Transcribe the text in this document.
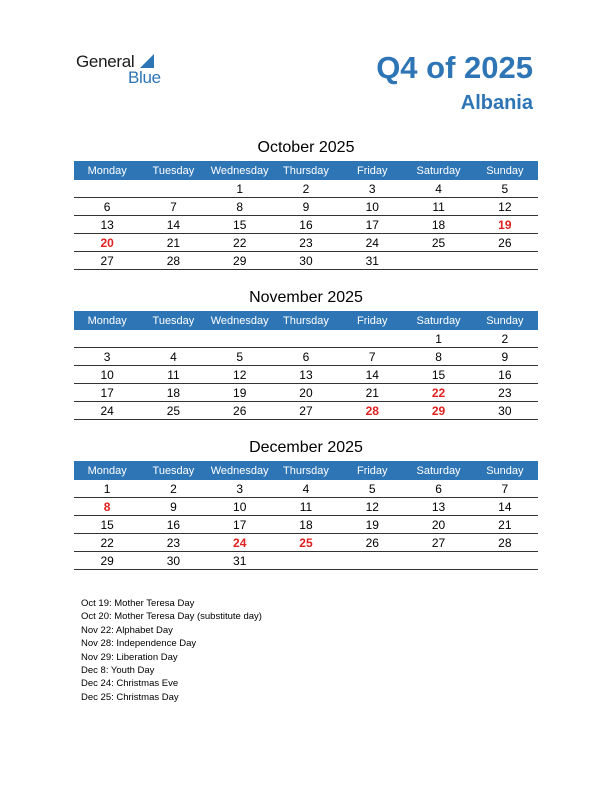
General
Blue	Q4 of 2025
Albania
October 2025
Monday	Tuesday	Wednesday	Thursday	Friday	Saturday	Sunday
		1	2	3	4	5
6	7	8	9	10	11	12
13	14	15	16	17	18	19
20	21	22	23	24	25	26
27	28	29	30	31		
November 2025
Monday	Tuesday	Wednesday	Thursday	Friday	Saturday	Sunday
					1	2
3	4	5	6	7	8	9
10	11	12	13	14	15	16
17	18	19	20	21	22	23
24	25	26	27	28	29	30
December 2025
Monday	Tuesday	Wednesday	Thursday	Friday	Saturday	Sunday
1	2	3	4	5	6	7
8	9	10	11	12	13	14
15	16	17	18	19	20	21
22	23	24	25	26	27	28
29	30	31				
Oct 19: Mother Teresa Day
Oct 20: Mother Teresa Day (substitute day)
Nov 22: Alphabet Day
Nov 28: Independence Day
Nov 29: Liberation Day
Dec 8: Youth Day
Dec 24: Christmas Eve
Dec 25: Christmas Day
